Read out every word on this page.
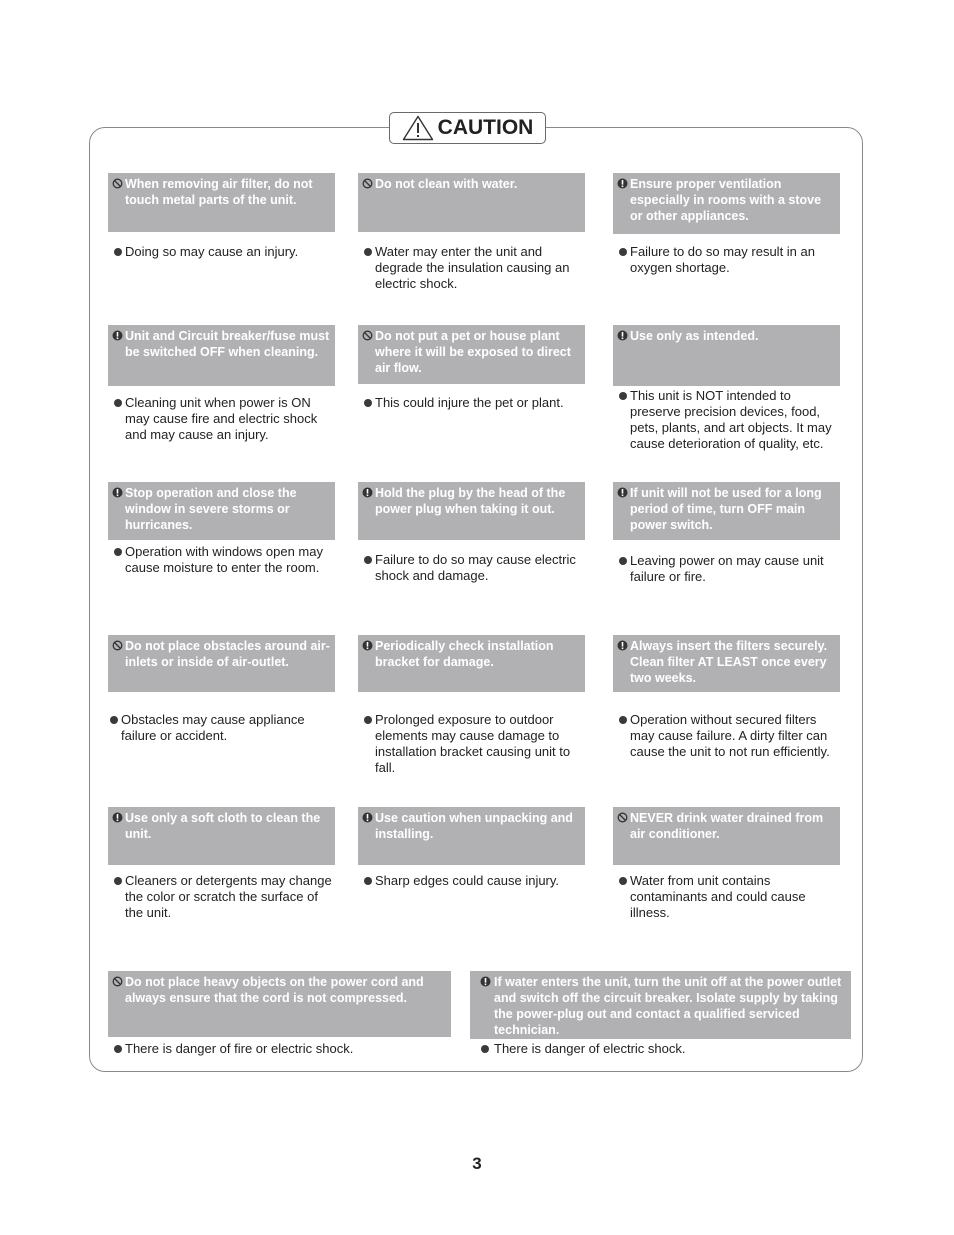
CAUTION
When removing air filter, do not touch metal parts of the unit.
Doing so may cause an injury.
Do not clean with water.
Water may enter the unit and degrade the insulation causing an electric shock.
Ensure proper ventilation especially in rooms with a stove or other appliances.
Failure to do so may result in an oxygen shortage.
Unit and Circuit breaker/fuse must be switched OFF when cleaning.
Cleaning unit when power is ON may cause fire and electric shock and may cause an injury.
Do not put a pet or house plant where it will be exposed to direct air flow.
This could injure the pet or plant.
Use only as intended.
This unit is NOT intended to preserve precision devices, food, pets, plants, and art objects. It may cause deterioration of quality, etc.
Stop operation and close the window in severe storms or hurricanes.
Operation with windows open may cause moisture to enter the room.
Hold the plug by the head of the power plug when taking it out.
Failure to do so may cause electric shock and damage.
If unit will not be used for a long period of time, turn OFF main power switch.
Leaving power on may cause unit failure or fire.
Do not place obstacles around air-inlets or inside of air-outlet.
Obstacles may cause appliance failure or accident.
Periodically check installation bracket for damage.
Prolonged exposure to outdoor elements may cause damage to installation bracket causing unit to fall.
Always insert the filters securely. Clean filter AT LEAST once every two weeks.
Operation without secured filters may cause failure. A dirty filter can cause the unit to not run efficiently.
Use only a soft cloth to clean the unit.
Cleaners or detergents may change the color or scratch the surface of the unit.
Use caution when unpacking and installing.
Sharp edges could cause injury.
NEVER drink water drained from air conditioner.
Water from unit contains contaminants and could cause illness.
Do not place heavy objects on the power cord and always ensure that the cord is not compressed.
There is danger of fire or electric shock.
If water enters the unit, turn the unit off at the power outlet and switch off the circuit breaker. Isolate supply by taking the power-plug out and contact a qualified serviced technician.
There is danger of electric shock.
3
